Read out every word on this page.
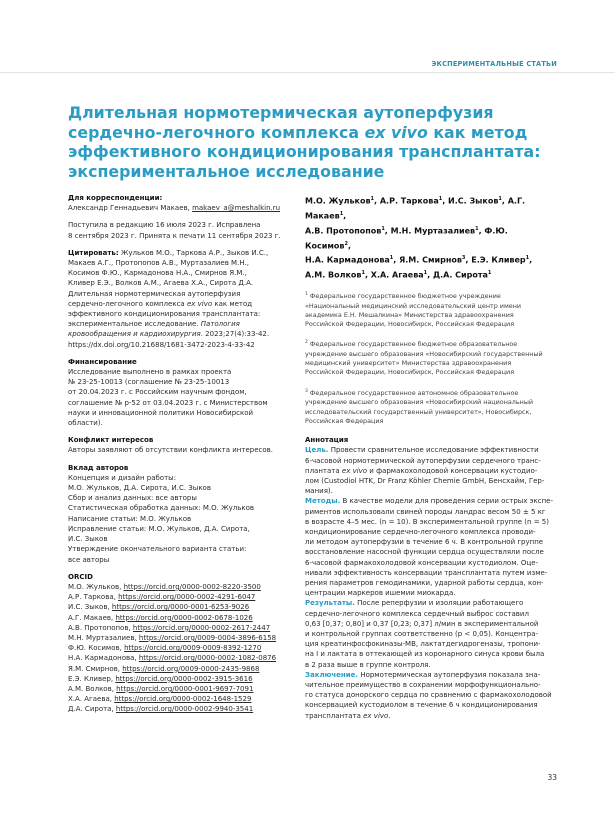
ЭКСПЕРИМЕНТАЛЬНЫЕ СТАТЬИ
Длительная нормотермическая аутоперфузия
сердечно-легочного комплекса ex vivo как метод
эффективного кондиционирования трансплантата:
экспериментальное исследование

Для корреспонденции:

Александр Геннадьевич Макаев, makaev_a@meshalkin.ru

Поступила в редакцию 16 июля 2023 г. Исправлена

8 сентября 2023 г. Принята к печати 11 сентября 2023 г.

Цитировать: Жульков М.О., Таркова А.Р., Зыков И.С.,

Макаев А.Г., Протопопов А.В., Муртазалиев М.Н.,

Косимов Ф.Ю., Кармадонова Н.А., Смирнов Я.М.,

Кливер Е.Э., Волков А.М., Агаева Х.А., Сирота Д.А.

Длительная нормотермическая аутоперфузия

сердечно-легочного комплекса ex vivo как метод

эффективного кондиционирования трансплантата:

экспериментальное исследование. Патология

кровообращения и кардиохирургия. 2023;27(4):33-42.

https://dx.doi.org/10.21688/1681-3472-2023-4-33-42

Финансирование

Исследование выполнено в рамках проекта

№ 23-25-10013 (соглашение № 23-25-10013

от 20.04.2023 г. с Российским научным фондом,

соглашение № р-52 от 03.04.2023 г. с Министерством

науки и инновационной политики Новосибирской

области).

Конфликт интересов

Авторы заявляют об отсутствии конфликта интересов.

Вклад авторов

Концепция и дизайн работы:

М.О. Жульков, Д.А. Сирота, И.С. Зыков

Сбор и анализ данных: все авторы

Статистическая обработка данных: М.О. Жульков

Написание статьи: М.О. Жульков

Исправление статьи: М.О. Жульков, Д.А. Сирота,

И.С. Зыков

Утверждение окончательного варианта статьи:

все авторы

ORCID

М.О. Жульков, https://orcid.org/0000-0002-8220-3500

А.Р. Таркова, https://orcid.org/0000-0002-4291-6047

И.С. Зыков, https://orcid.org/0000-0001-6253-9026

А.Г. Макаев, https://orcid.org/0000-0002-0678-1026

А.В. Протопопов, https://orcid.org/0000-0002-2617-2447

М.Н. Муртазалиев, https://orcid.org/0009-0004-3896-6158

Ф.Ю. Косимов, https://orcid.org/0009-0009-8392-1270

Н.А. Кармадонова, https://orcid.org/0000-0002-1082-0876

Я.М. Смирнов, https://orcid.org/0009-0000-2435-9868

Е.Э. Кливер, https://orcid.org/0000-0002-3915-3616

А.М. Волков, https://orcid.org/0000-0001-9697-7091

Х.А. Агаева, https://orcid.org/0000-0002-1648-1529

Д.А. Сирота, https://orcid.org/0000-0002-9940-3541

М.О. Жульков$^1$, А.Р. Таркова$^1$, И.С. Зыков$^1$, А.Г. Макаев$^1$,
А.В. Протопопов$^1$, М.Н. Муртазалиев$^1$, Ф.Ю. Косимов$^2$,
Н.А. Кармадонова$^1$, Я.М. Смирнов$^3$, Е.Э. Кливер$^1$,
А.М. Волков$^1$, Х.А. Агаева$^1$, Д.А. Сирота$^1$

$^1$ Федеральное государственное бюджетное учреждение
«Национальный медицинский исследовательский центр имени
академика Е.Н. Мешалкина» Министерства здравоохранения
Российской Федерации, Новосибирск, Российская Федерация

$^2$ Федеральное государственное бюджетное образовательное
учреждение высшего образования «Новосибирский государственный
медицинский университет» Министерства здравоохранения
Российской Федерации, Новосибирск, Российская Федерация

$^3$ Федеральное государственное автономное образовательное
учреждение высшего образования «Новосибирский национальный
исследовательский государственный университет», Новосибирск,
Российская Федерация

Аннотация

Цель. Провести сравнительное исследование эффективности
6-часовой нормотермической аутоперфузии сердечного транс-
плантата ex vivo и фармакохолодовой консервации кустодио-
лом (Custodiol HTK, Dr Franz Köhler Chemie GmbH, Бенсхайм, Гер-
мания).

Методы. В качестве модели для проведения серии острых экспе-
риментов использовали свиней породы ландрас весом 50 ± 5 кг
в возрасте 4–5 мес. (n = 10). В экспериментальной группе (n = 5)
кондиционирование сердечно-легочного комплекса проводи-
ли методом аутоперфузии в течение 6 ч. В контрольной группе
восстановление насосной функции сердца осуществляли после
6-часовой фармакохолодовой консервации кустодиолом. Оце-
нивали эффективность консервации трансплантата путем изме-
рения параметров гемодинамики, ударной работы сердца, кон-
центрации маркеров ишемии миокарда.

Результаты. После реперфузии и изоляции работающего
сердечно-легочного комплекса сердечный выброс составил
0,63 [0,37; 0,80] и 0,37 [0,23; 0,37] л/мин в экспериментальной
и контрольной группах соответственно (p < 0,05). Концентра-
ция креатинфосфокиназы-МВ, лактатдегидрогеназы, тропони-
на I и лактата в оттекающей из коронарного синуса крови была
в 2 раза выше в группе контроля.

Заключение. Нормотермическая аутоперфузия показала зна-
чительное преимущество в сохранении морфофункционально-
го статуса донорского сердца по сравнению с фармакохолодовой
консервацией кустодиолом в течение 6 ч кондиционирования
трансплантата ex vivo.

33
